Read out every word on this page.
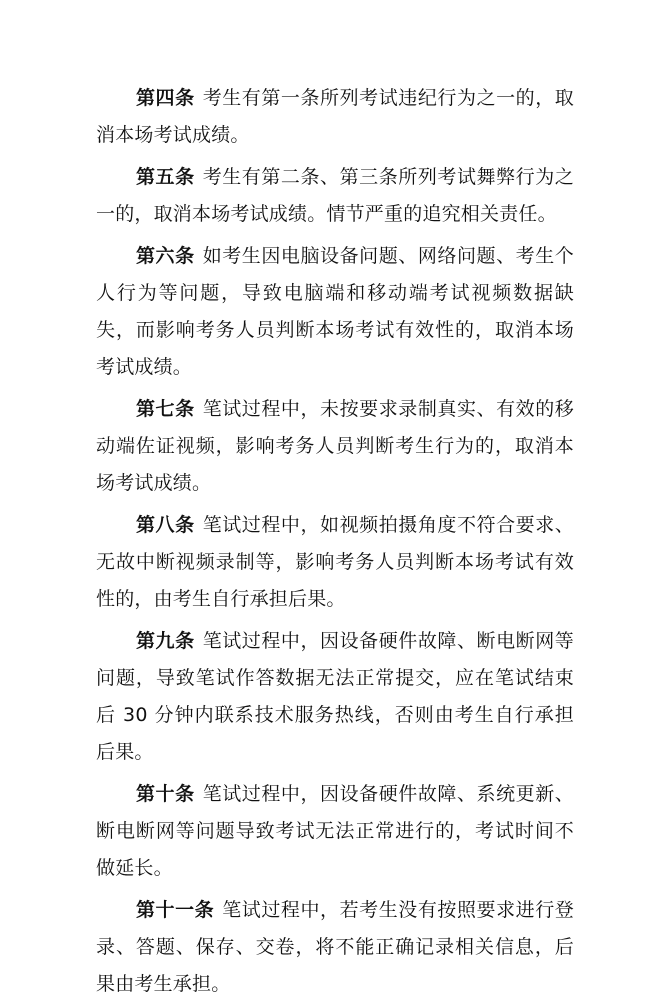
第四条 考生有第一条所列考试违纪行为之一的，取消本场考试成绩。

第五条 考生有第二条、第三条所列考试舞弊行为之一的，取消本场考试成绩。情节严重的追究相关责任。

第六条 如考生因电脑设备问题、网络问题、考生个人行为等问题，导致电脑端和移动端考试视频数据缺失，而影响考务人员判断本场考试有效性的，取消本场考试成绩。

第七条 笔试过程中，未按要求录制真实、有效的移动端佐证视频，影响考务人员判断考生行为的，取消本场考试成绩。

第八条 笔试过程中，如视频拍摄角度不符合要求、无故中断视频录制等，影响考务人员判断本场考试有效性的，由考生自行承担后果。

第九条 笔试过程中，因设备硬件故障、断电断网等问题，导致笔试作答数据无法正常提交，应在笔试结束后 30 分钟内联系技术服务热线，否则由考生自行承担后果。

第十条 笔试过程中，因设备硬件故障、系统更新、断电断网等问题导致考试无法正常进行的，考试时间不做延长。

第十一条 笔试过程中，若考生没有按照要求进行登录、答题、保存、交卷，将不能正确记录相关信息，后果由考生承担。
